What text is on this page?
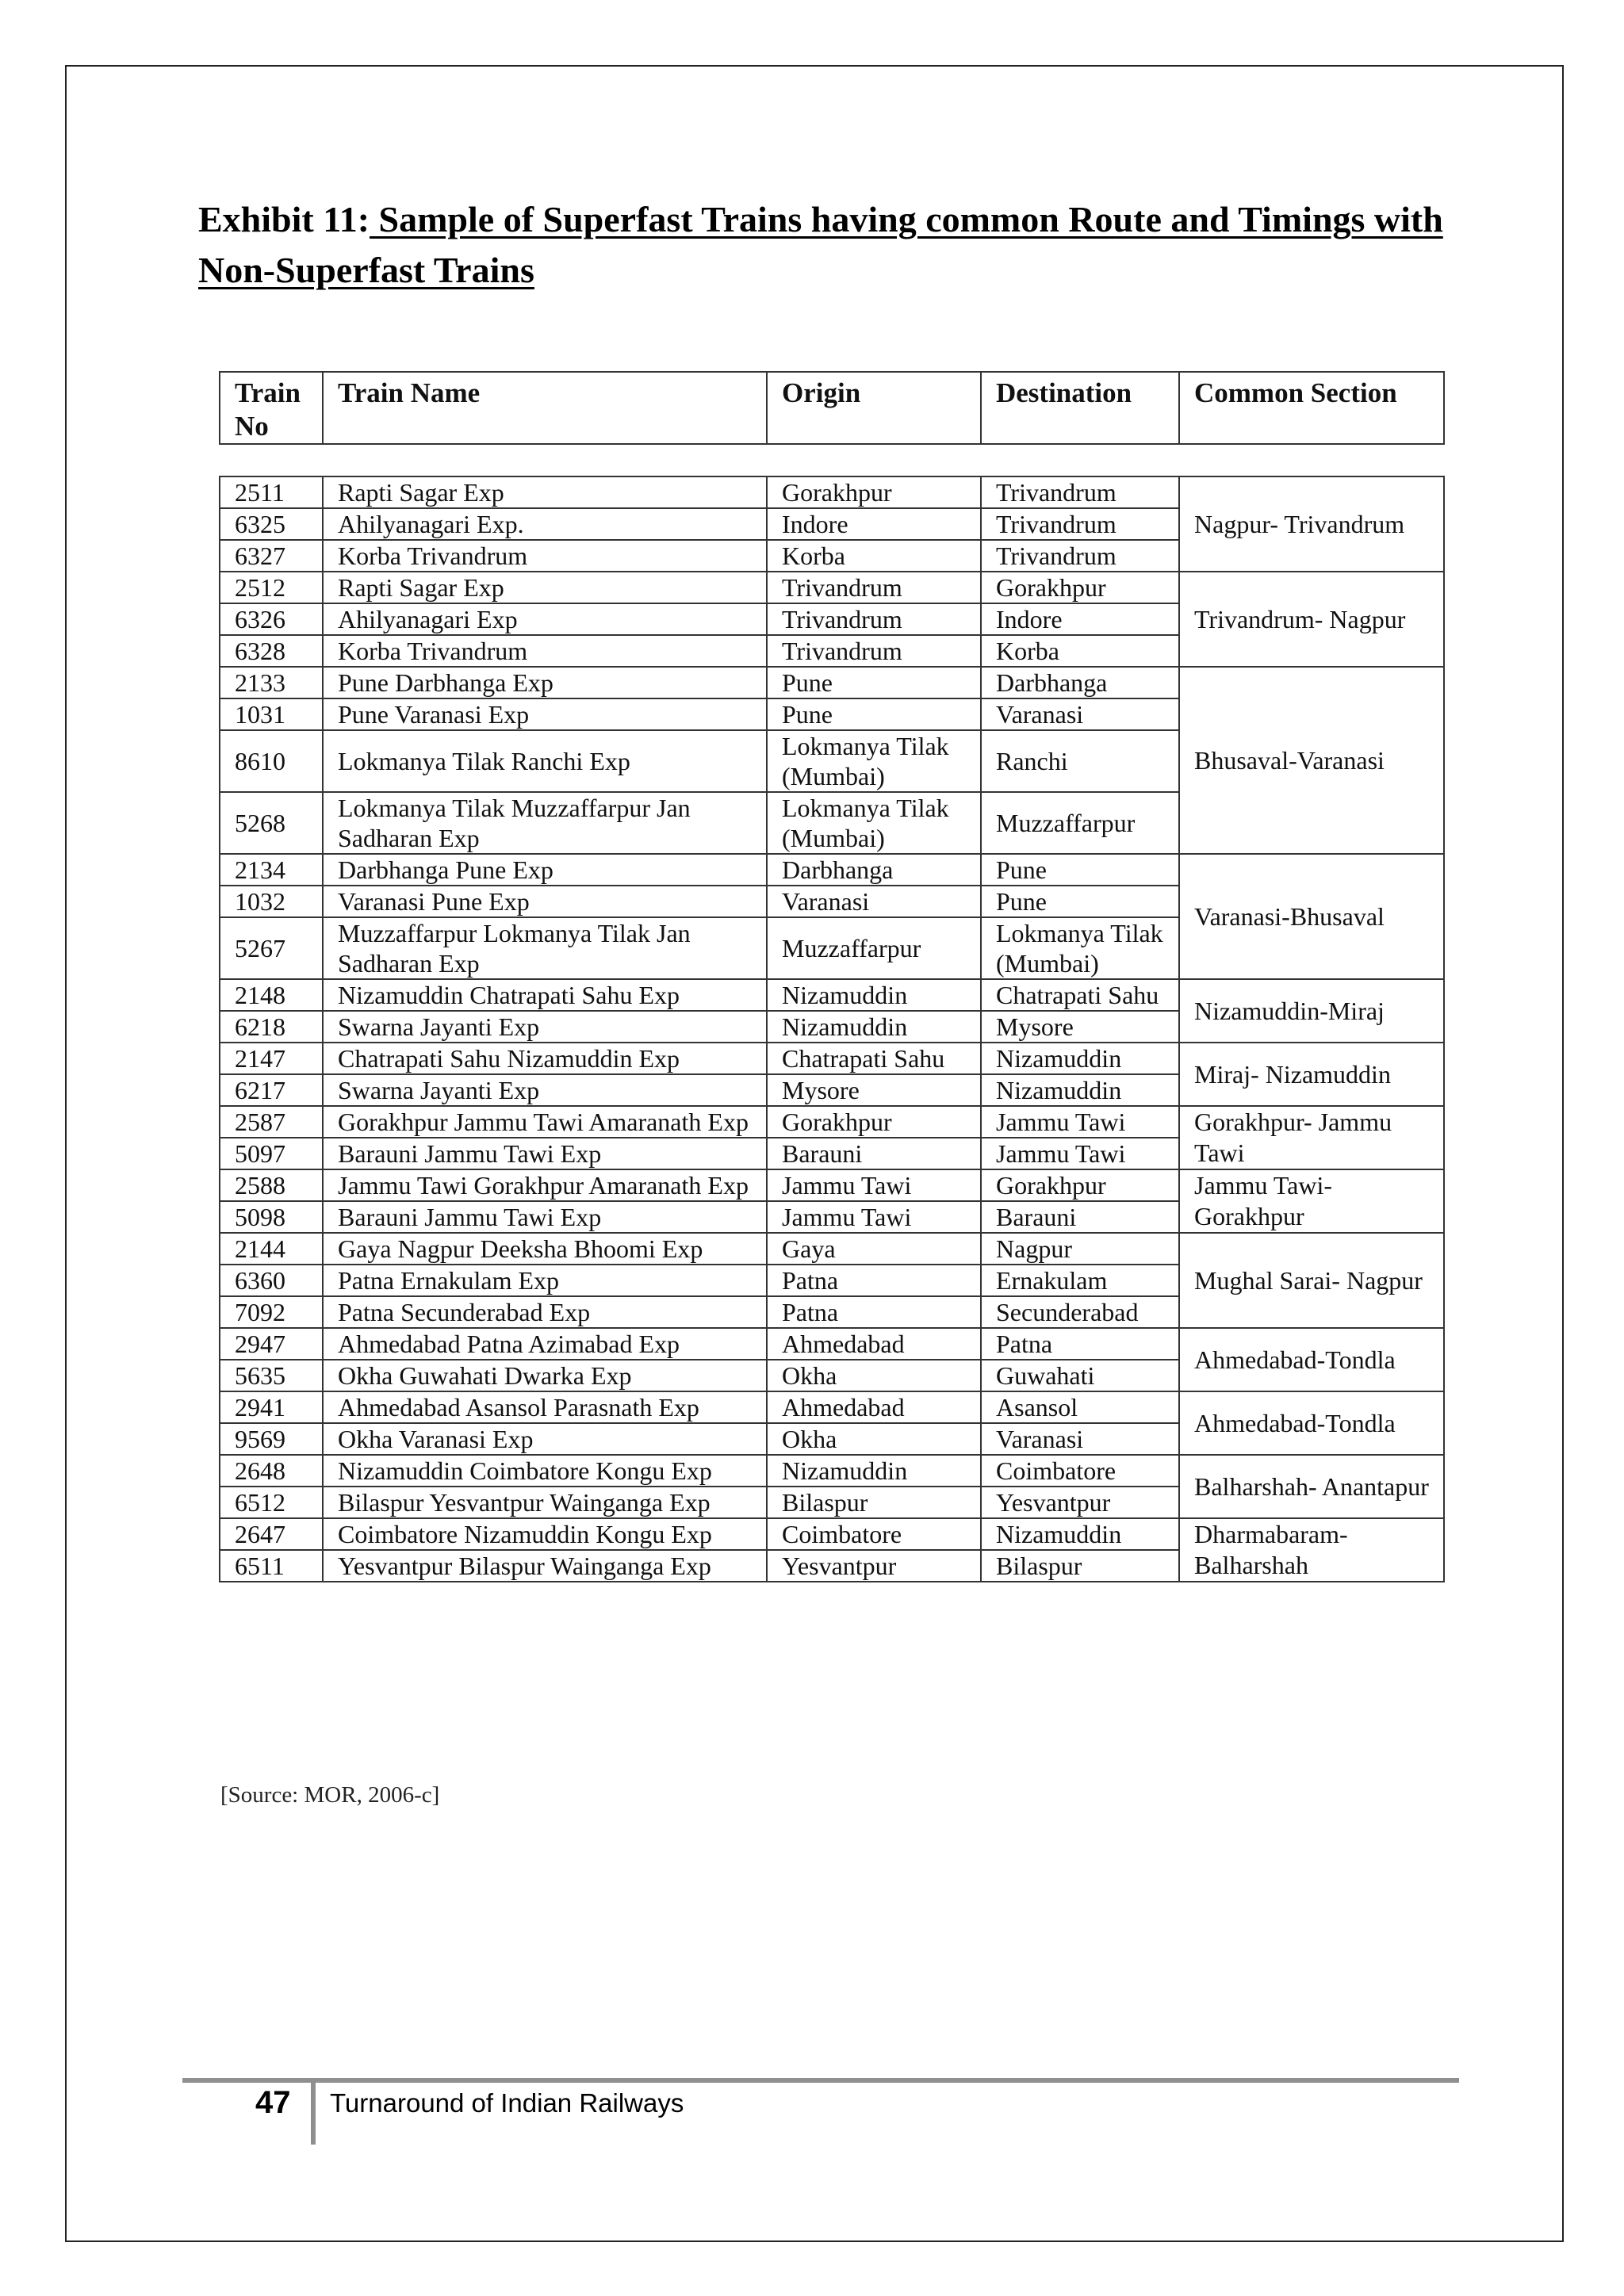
Exhibit 11: Sample of Superfast Trains having common Route and Timings with Non-Superfast Trains
Train No	Train Name	Origin	Destination	Common Section
2511	Rapti Sagar Exp	Gorakhpur	Trivandrum	Nagpur- Trivandrum
6325	Ahilyanagari Exp.	Indore	Trivandrum	
6327	Korba Trivandrum	Korba	Trivandrum	
2512	Rapti Sagar Exp	Trivandrum	Gorakhpur	Trivandrum- Nagpur
6326	Ahilyanagari Exp	Trivandrum	Indore	
6328	Korba Trivandrum	Trivandrum	Korba	
2133	Pune Darbhanga Exp	Pune	Darbhanga	Bhusaval-Varanasi
1031	Pune Varanasi Exp	Pune	Varanasi	
8610	Lokmanya Tilak Ranchi Exp	Lokmanya Tilak (Mumbai)	Ranchi	
5268	Lokmanya Tilak Muzzaffarpur Jan Sadharan Exp	Lokmanya Tilak (Mumbai)	Muzzaffarpur	
2134	Darbhanga Pune Exp	Darbhanga	Pune	Varanasi-Bhusaval
1032	Varanasi Pune Exp	Varanasi	Pune	
5267	Muzzaffarpur Lokmanya Tilak Jan Sadharan Exp	Muzzaffarpur	Lokmanya Tilak (Mumbai)	
2148	Nizamuddin Chatrapati Sahu Exp	Nizamuddin	Chatrapati Sahu	Nizamuddin-Miraj
6218	Swarna Jayanti Exp	Nizamuddin	Mysore	
2147	Chatrapati Sahu Nizamuddin Exp	Chatrapati Sahu	Nizamuddin	Miraj- Nizamuddin
6217	Swarna Jayanti Exp	Mysore	Nizamuddin	
2587	Gorakhpur Jammu Tawi Amaranath Exp	Gorakhpur	Jammu Tawi	Gorakhpur- Jammu Tawi
5097	Barauni Jammu Tawi Exp	Barauni	Jammu Tawi	
2588	Jammu Tawi Gorakhpur Amaranath Exp	Jammu Tawi	Gorakhpur	Jammu Tawi- Gorakhpur
5098	Barauni Jammu Tawi Exp	Jammu Tawi	Barauni	
2144	Gaya Nagpur Deeksha Bhoomi Exp	Gaya	Nagpur	Mughal Sarai- Nagpur
6360	Patna Ernakulam Exp	Patna	Ernakulam	
7092	Patna Secunderabad Exp	Patna	Secunderabad	
2947	Ahmedabad Patna Azimabad Exp	Ahmedabad	Patna	Ahmedabad-Tondla
5635	Okha Guwahati Dwarka Exp	Okha	Guwahati	
2941	Ahmedabad Asansol Parasnath Exp	Ahmedabad	Asansol	Ahmedabad-Tondla
9569	Okha Varanasi Exp	Okha	Varanasi	
2648	Nizamuddin Coimbatore Kongu Exp	Nizamuddin	Coimbatore	Balharshah- Anantapur
6512	Bilaspur Yesvantpur Wainganga Exp	Bilaspur	Yesvantpur	
2647	Coimbatore Nizamuddin Kongu Exp	Coimbatore	Nizamuddin	Dharmabaram- Balharshah
6511	Yesvantpur Bilaspur Wainganga Exp	Yesvantpur	Bilaspur	
[Source: MOR, 2006-c]
47 Turnaround of Indian Railways
